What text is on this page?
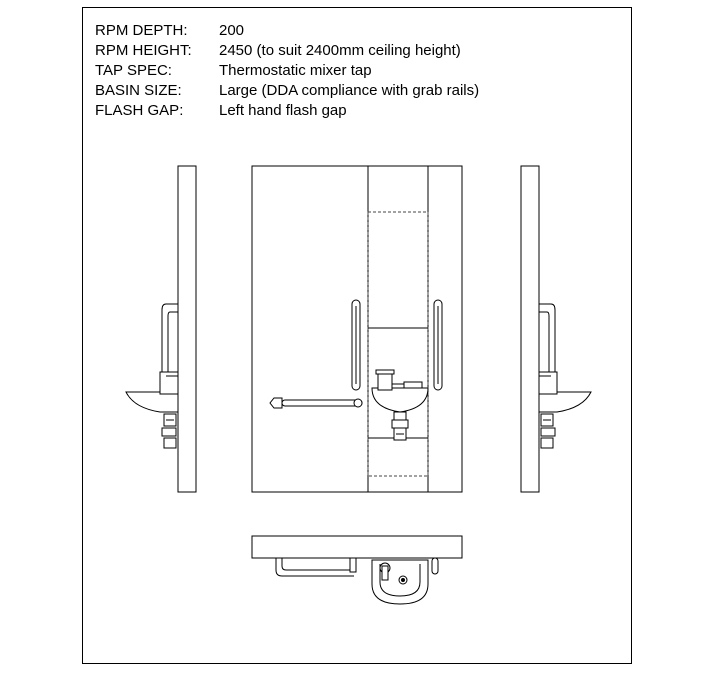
RPM DEPTH:	200
RPM HEIGHT:	2450 (to suit 2400mm ceiling height)
TAP SPEC:	Thermostatic mixer tap
BASIN SIZE:	Large (DDA compliance with grab rails)
FLASH GAP:	Left hand flash gap
